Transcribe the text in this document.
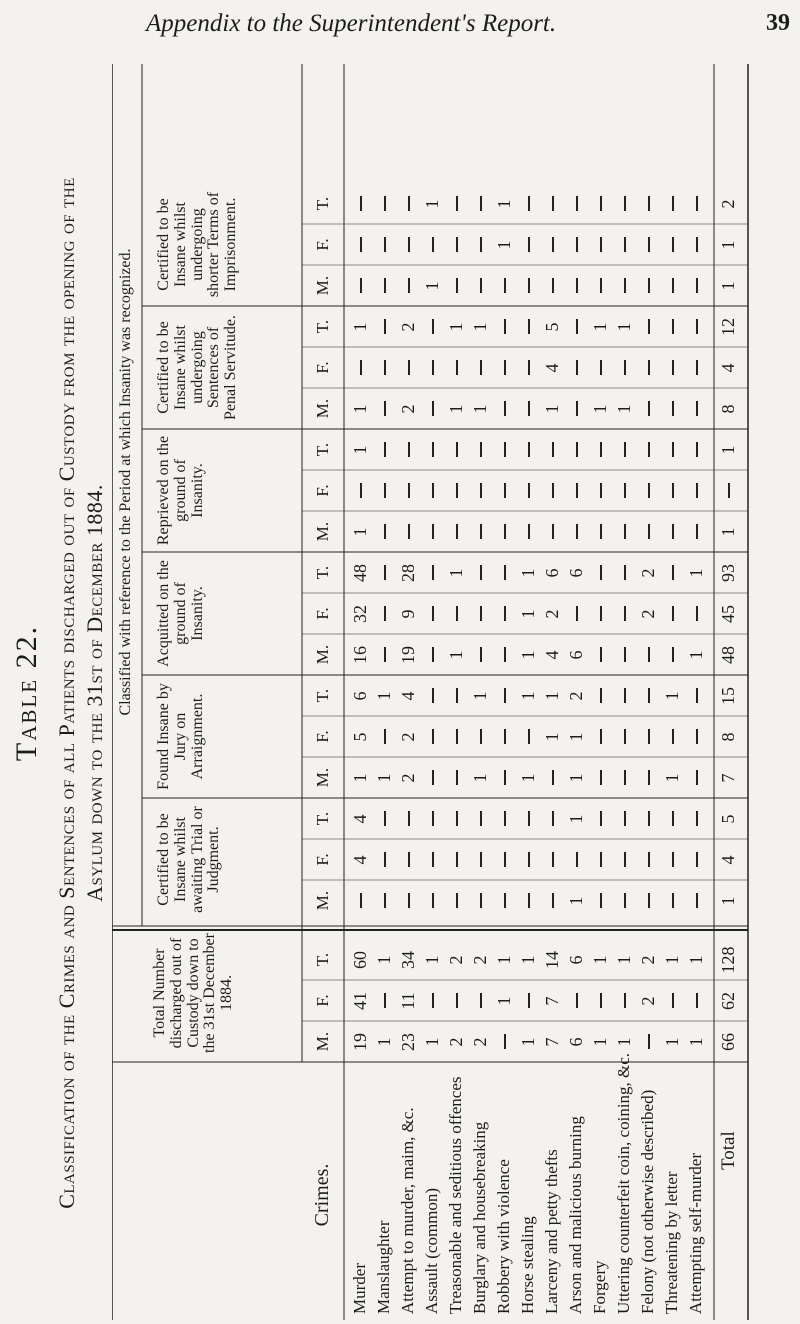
Appendix to the Superintendent's Report.	39
Table 22. Classification of the Crimes and Sentences of all Patients discharged out of Custody from the opening of the Asylum down to the 31st of December 1884.
Crimes.
Total Number discharged out of Custody down to the 31st December 1884.
Classified with reference to the Period at which Insanity was recognized.
Certified to be Insane whilst awaiting Trial or Judgment.
Found Insane by Jury on Arraignment.
Acquitted on the ground of Insanity.
Reprieved on the ground of Insanity.
Certified to be Insane whilst undergoing Sentences of Penal Servitude.
Certified to be Insane whilst undergoing shorter Terms of Imprisonment.
M.
F.
T.
M.
F.
T.
M.
F.
T.
M.
F.
T.
M.
F.
T.
M.
F.
T.
M.
F.
T.
Murder
19
41
60
4
4
1
5
6
16
32
48
1
1
1
1
Manslaughter
1
1
1
1
Attempt to murder, maim, &c.
23
11
34
2
2
4
19
9
28
2
2
Assault (common)
1
1
1
1
Treasonable and seditious offences
2
2
1
1
1
1
Burglary and housebreaking
2
2
1
1
1
1
Robbery with violence
1
1
1
1
Horse stealing
1
1
1
1
1
1
1
Larceny and petty thefts
7
7
14
1
1
4
2
6
1
4
5
Arson and malicious burning
6
6
1
1
1
1
2
6
6
Forgery
1
1
1
1
Uttering counterfeit coin, coining, &c.
1
1
1
1
Felony (not otherwise described)
2
2
2
2
Threatening by letter
1
1
1
1
Attempting self-murder
1
1
1
1
Total
66
62
128
1
4
5
7
8
15
48
45
93
1
1
8
4
12
1
1
2
